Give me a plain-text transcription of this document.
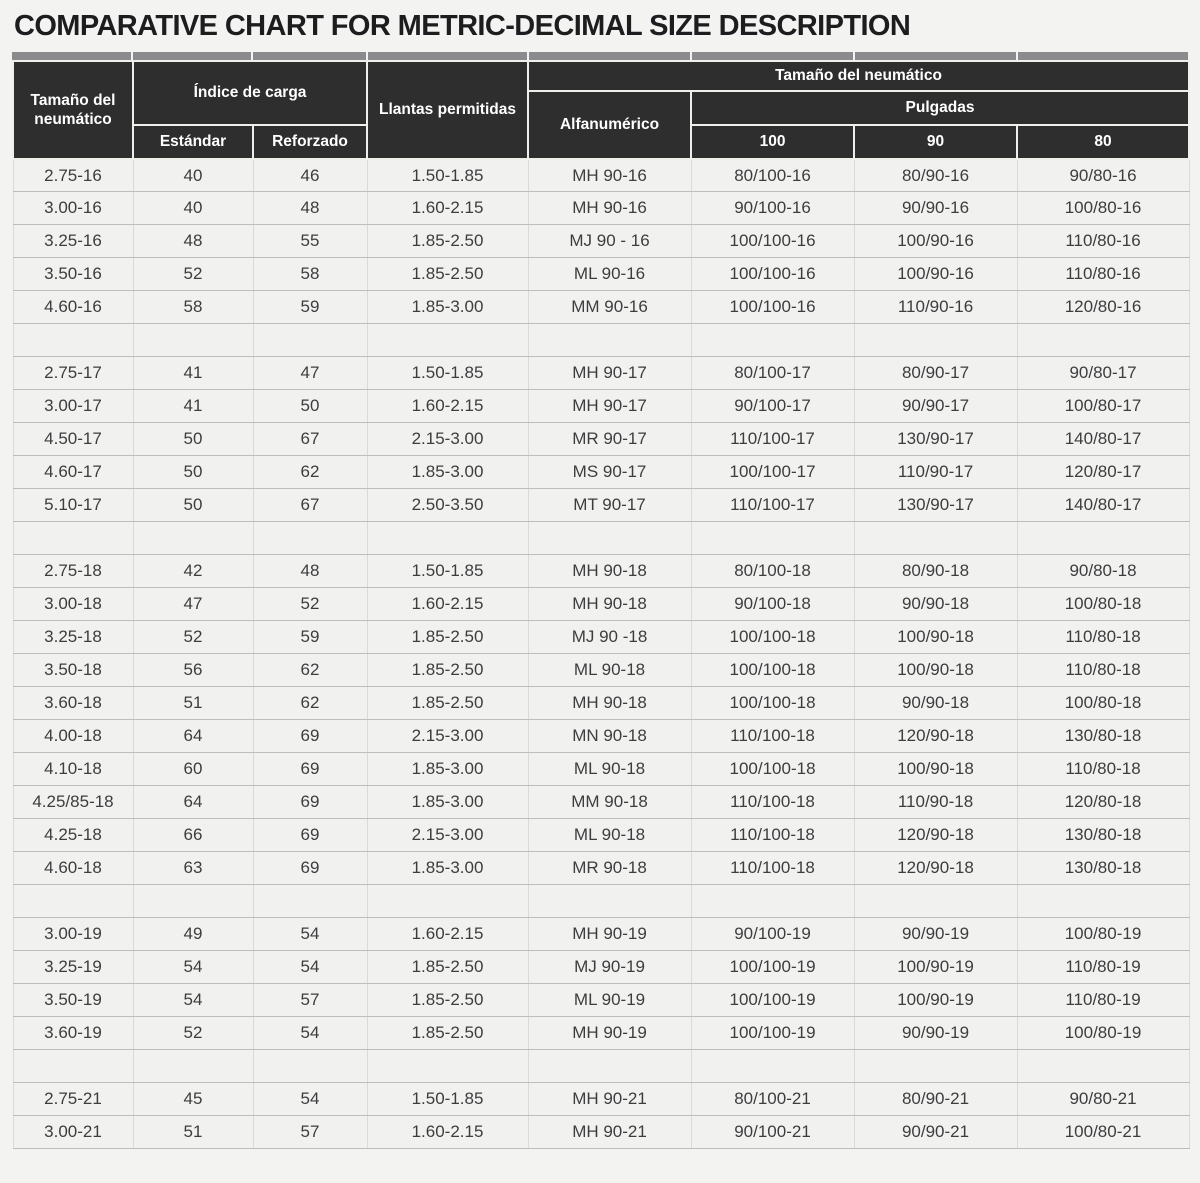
COMPARATIVE CHART FOR METRIC-DECIMAL SIZE DESCRIPTION
Tamaño del neumático	Índice de carga		Llantas permitidas	Tamaño del neumático			
				Alfanumérico	Pulgadas		
	Estándar	Reforzado			100	90	80
2.75-16	40	46	1.50-1.85	MH 90-16	80/100-16	80/90-16	90/80-16
3.00-16	40	48	1.60-2.15	MH 90-16	90/100-16	90/90-16	100/80-16
3.25-16	48	55	1.85-2.50	MJ 90 - 16	100/100-16	100/90-16	110/80-16
3.50-16	52	58	1.85-2.50	ML 90-16	100/100-16	100/90-16	110/80-16
4.60-16	58	59	1.85-3.00	MM 90-16	100/100-16	110/90-16	120/80-16

2.75-17	41	47	1.50-1.85	MH 90-17	80/100-17	80/90-17	90/80-17
3.00-17	41	50	1.60-2.15	MH 90-17	90/100-17	90/90-17	100/80-17
4.50-17	50	67	2.15-3.00	MR 90-17	110/100-17	130/90-17	140/80-17
4.60-17	50	62	1.85-3.00	MS 90-17	100/100-17	110/90-17	120/80-17
5.10-17	50	67	2.50-3.50	MT 90-17	110/100-17	130/90-17	140/80-17

2.75-18	42	48	1.50-1.85	MH 90-18	80/100-18	80/90-18	90/80-18
3.00-18	47	52	1.60-2.15	MH 90-18	90/100-18	90/90-18	100/80-18
3.25-18	52	59	1.85-2.50	MJ 90 -18	100/100-18	100/90-18	110/80-18
3.50-18	56	62	1.85-2.50	ML 90-18	100/100-18	100/90-18	110/80-18
3.60-18	51	62	1.85-2.50	MH 90-18	100/100-18	90/90-18	100/80-18
4.00-18	64	69	2.15-3.00	MN 90-18	110/100-18	120/90-18	130/80-18
4.10-18	60	69	1.85-3.00	ML 90-18	100/100-18	100/90-18	110/80-18
4.25/85-18	64	69	1.85-3.00	MM 90-18	110/100-18	110/90-18	120/80-18
4.25-18	66	69	2.15-3.00	ML 90-18	110/100-18	120/90-18	130/80-18
4.60-18	63	69	1.85-3.00	MR 90-18	110/100-18	120/90-18	130/80-18

3.00-19	49	54	1.60-2.15	MH 90-19	90/100-19	90/90-19	100/80-19
3.25-19	54	54	1.85-2.50	MJ 90-19	100/100-19	100/90-19	110/80-19
3.50-19	54	57	1.85-2.50	ML 90-19	100/100-19	100/90-19	110/80-19
3.60-19	52	54	1.85-2.50	MH 90-19	100/100-19	90/90-19	100/80-19

2.75-21	45	54	1.50-1.85	MH 90-21	80/100-21	80/90-21	90/80-21
3.00-21	51	57	1.60-2.15	MH 90-21	90/100-21	90/90-21	100/80-21
